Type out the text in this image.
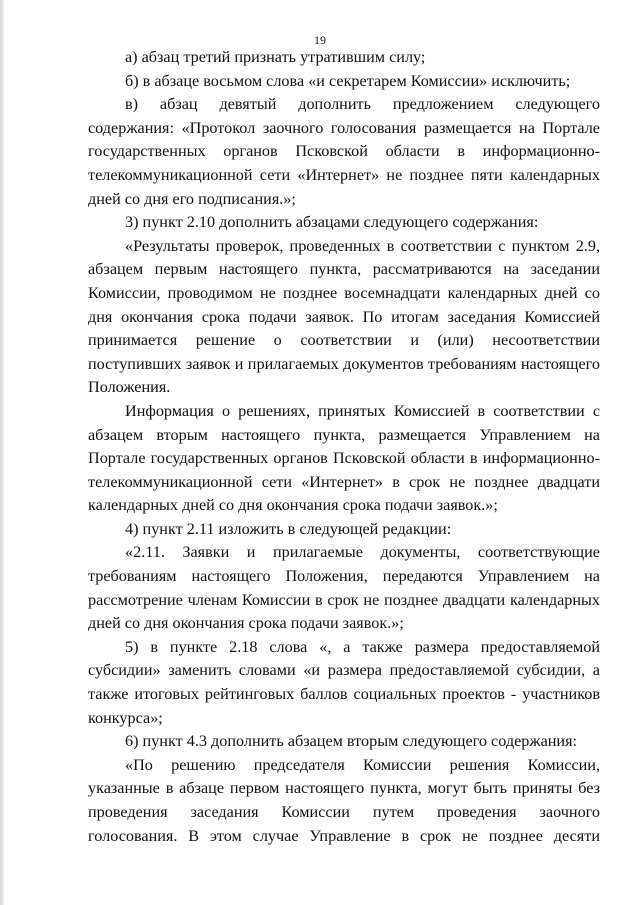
19
а) абзац третий признать утратившим силу;
б) в абзаце восьмом слова «и секретарем Комиссии» исключить;
в) абзац девятый дополнить предложением следующего
содержания: «Протокол заочного голосования размещается на Портале
государственных органов Псковской области в информационно-
телекоммуникационной сети «Интернет» не позднее пяти календарных
дней со дня его подписания.»;
3) пункт 2.10 дополнить абзацами следующего содержания:
«Результаты проверок, проведенных в соответствии с пунктом 2.9,
абзацем первым настоящего пункта, рассматриваются на заседании
Комиссии, проводимом не позднее восемнадцати календарных дней со
дня окончания срока подачи заявок. По итогам заседания Комиссией
принимается решение о соответствии и (или) несоответствии
поступивших заявок и прилагаемых документов требованиям настоящего
Положения.
Информация о решениях, принятых Комиссией в соответствии с
абзацем вторым настоящего пункта, размещается Управлением на
Портале государственных органов Псковской области в информационно-
телекоммуникационной сети «Интернет» в срок не позднее двадцати
календарных дней со дня окончания срока подачи заявок.»;
4) пункт 2.11 изложить в следующей редакции:
«2.11. Заявки и прилагаемые документы, соответствующие
требованиям настоящего Положения, передаются Управлением на
рассмотрение членам Комиссии в срок не позднее двадцати календарных
дней со дня окончания срока подачи заявок.»;
5) в пункте 2.18 слова «, а также размера предоставляемой
субсидии» заменить словами «и размера предоставляемой субсидии, а
также итоговых рейтинговых баллов социальных проектов - участников
конкурса»;
6) пункт 4.3 дополнить абзацем вторым следующего содержания:
«По решению председателя Комиссии решения Комиссии,
указанные в абзаце первом настоящего пункта, могут быть приняты без
проведения заседания Комиссии путем проведения заочного
голосования. В этом случае Управление в срок не позднее десяти
